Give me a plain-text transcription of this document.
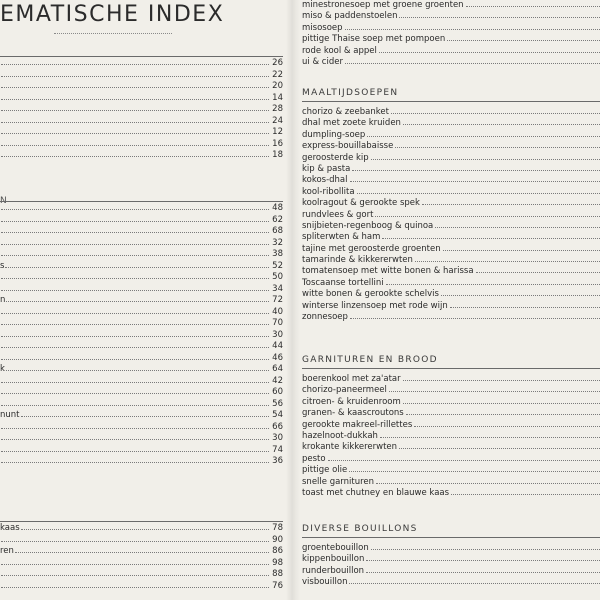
EMATISCHE INDEX
26
22
20
14
28
24
12
16
18
N
48
62
68
32
38
s	52
50
34
n	72
40
70
30
44
46
k	64
42
60
56
nunt	54
66
30
74
36
kaas	78
90
ren	86
98
88
76
minestronesoep met groene groenten
miso & paddenstoelen
misosoep
pittige Thaise soep met pompoen
rode kool & appel
ui & cider
MAALTIJDSOEPEN
chorizo & zeebanket
dhal met zoete kruiden
dumpling-soep
express-bouillabaisse
geroosterde kip
kip & pasta
kokos-dhal
kool-ribollita
koolragout & gerookte spek
rundvlees & gort
snijbieten-regenboog & quinoa
spliterwten & ham
tajine met geroosterde groenten
tamarinde & kikkererwten
tomatensoep met witte bonen & harissa
Toscaanse tortellini
witte bonen & gerookte schelvis
winterse linzensoep met rode wijn
zonnesoep
GARNITUREN EN BROOD
boerenkool met za'atar
chorizo-paneermeel
citroen- & kruidenroom
granen- & kaascroutons
gerookte makreel-rillettes
hazelnoot-dukkah
krokante kikkererwten
pesto
pittige olie
snelle garnituren
toast met chutney en blauwe kaas
DIVERSE BOUILLONS
groentebouillon
kippenbouillon
runderbouillon
visbouillon
